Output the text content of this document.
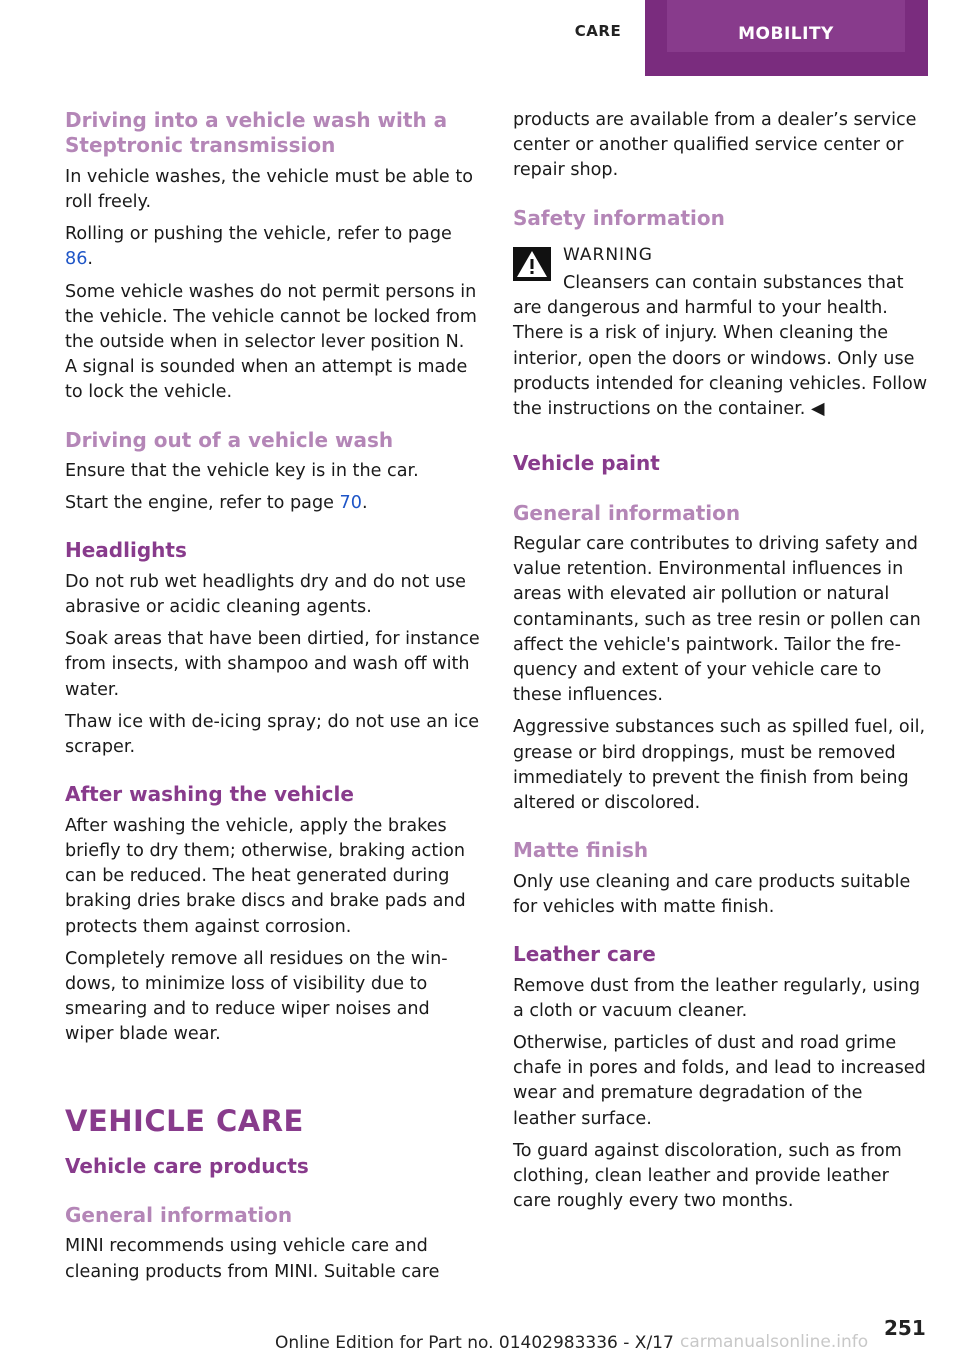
CARE	MOBILITY
Driving into a vehicle wash with a
Steptronic transmission

In vehicle washes, the vehicle must be able to roll freely.

Rolling or pushing the vehicle, refer to page 86.

Some vehicle washes do not permit persons in the vehicle. The vehicle cannot be locked from the outside when in selector lever position N. A signal is sounded when an attempt is made to lock the vehicle.

Driving out of a vehicle wash

Ensure that the vehicle key is in the car.

Start the engine, refer to page 70.

Headlights

Do not rub wet headlights dry and do not use abrasive or acidic cleaning agents.

Soak areas that have been dirtied, for instance from insects, with shampoo and wash off with water.

Thaw ice with de-icing spray; do not use an ice scraper.

After washing the vehicle

After washing the vehicle, apply the brakes briefly to dry them; otherwise, braking action can be reduced. The heat generated during braking dries brake discs and brake pads and protects them against corrosion.

Completely remove all residues on the windows, to minimize loss of visibility due to smearing and to reduce wiper noises and wiper blade wear.

VEHICLE CARE
Vehicle care products
General information

MINI recommends using vehicle care and cleaning products from MINI. Suitable care

products are available from a dealer’s service center or another qualified service center or repair shop.

Safety information
WARNING

Cleansers can contain substances that are dangerous and harmful to your health. There is a risk of injury. When cleaning the interior, open the doors or windows. Only use products intended for cleaning vehicles. Follow the instructions on the container. ◀

Vehicle paint
General information

Regular care contributes to driving safety and value retention. Environmental influences in areas with elevated air pollution or natural contaminants, such as tree resin or pollen can affect the vehicle's paintwork. Tailor the frequency and extent of your vehicle care to these influences.

Aggressive substances such as spilled fuel, oil, grease or bird droppings, must be removed immediately to prevent the finish from being altered or discolored.

Matte finish

Only use cleaning and care products suitable for vehicles with matte finish.

Leather care

Remove dust from the leather regularly, using a cloth or vacuum cleaner.

Otherwise, particles of dust and road grime chafe in pores and folds, and lead to increased wear and premature degradation of the leather surface.

To guard against discoloration, such as from clothing, clean leather and provide leather care roughly every two months.

251
Online Edition for Part no. 01402983336 - X/17 carmanualsonline.info
